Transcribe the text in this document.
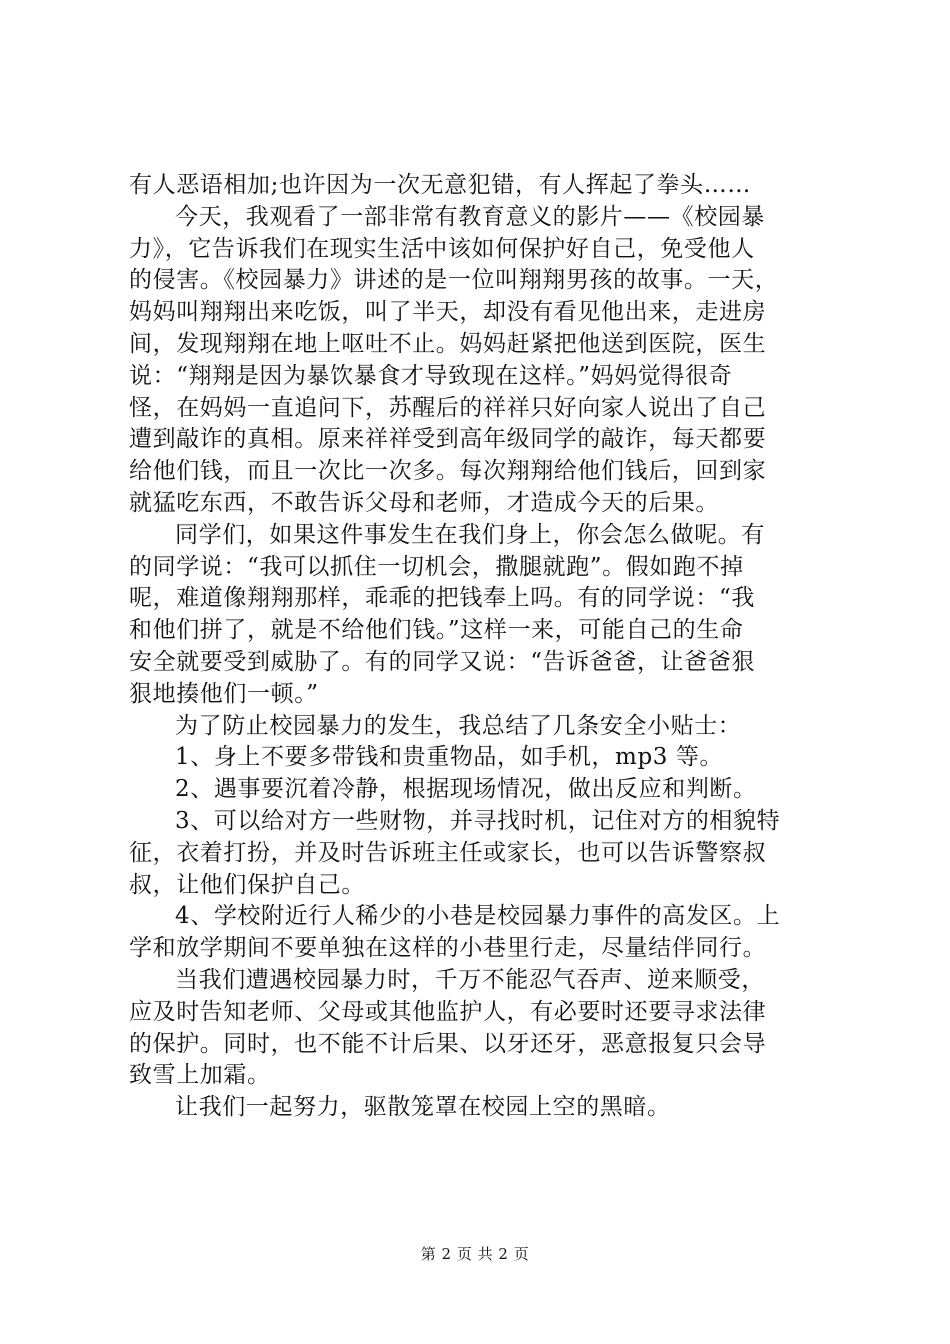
有人恶语相加;也许因为一次无意犯错，有人挥起了拳头……
今天，我观看了一部非常有教育意义的影片——《校园暴
力》，它告诉我们在现实生活中该如何保护好自己，免受他人
的侵害。《校园暴力》讲述的是一位叫翔翔男孩的故事。一天，
妈妈叫翔翔出来吃饭，叫了半天，却没有看见他出来，走进房
间，发现翔翔在地上呕吐不止。妈妈赶紧把他送到医院，医生
说：“翔翔是因为暴饮暴食才导致现在这样。”妈妈觉得很奇
怪，在妈妈一直追问下，苏醒后的祥祥只好向家人说出了自己
遭到敲诈的真相。原来祥祥受到高年级同学的敲诈，每天都要
给他们钱，而且一次比一次多。每次翔翔给他们钱后，回到家
就猛吃东西，不敢告诉父母和老师，才造成今天的后果。
同学们，如果这件事发生在我们身上，你会怎么做呢。有
的同学说：“我可以抓住一切机会，撒腿就跑”。假如跑不掉
呢，难道像翔翔那样，乖乖的把钱奉上吗。有的同学说：“我
和他们拼了，就是不给他们钱。”这样一来，可能自己的生命
安全就要受到威胁了。有的同学又说：“告诉爸爸，让爸爸狠
狠地揍他们一顿。”
为了防止校园暴力的发生，我总结了几条安全小贴士：
1、身上不要多带钱和贵重物品，如手机，mp3 等。
2、遇事要沉着冷静，根据现场情况，做出反应和判断。
3、可以给对方一些财物，并寻找时机，记住对方的相貌特
征，衣着打扮，并及时告诉班主任或家长，也可以告诉警察叔
叔，让他们保护自己。
4、学校附近行人稀少的小巷是校园暴力事件的高发区。上
学和放学期间不要单独在这样的小巷里行走，尽量结伴同行。
当我们遭遇校园暴力时，千万不能忍气吞声、逆来顺受，
应及时告知老师、父母或其他监护人，有必要时还要寻求法律
的保护。同时，也不能不计后果、以牙还牙，恶意报复只会导
致雪上加霜。
让我们一起努力，驱散笼罩在校园上空的黑暗。
第 2 页 共 2 页
